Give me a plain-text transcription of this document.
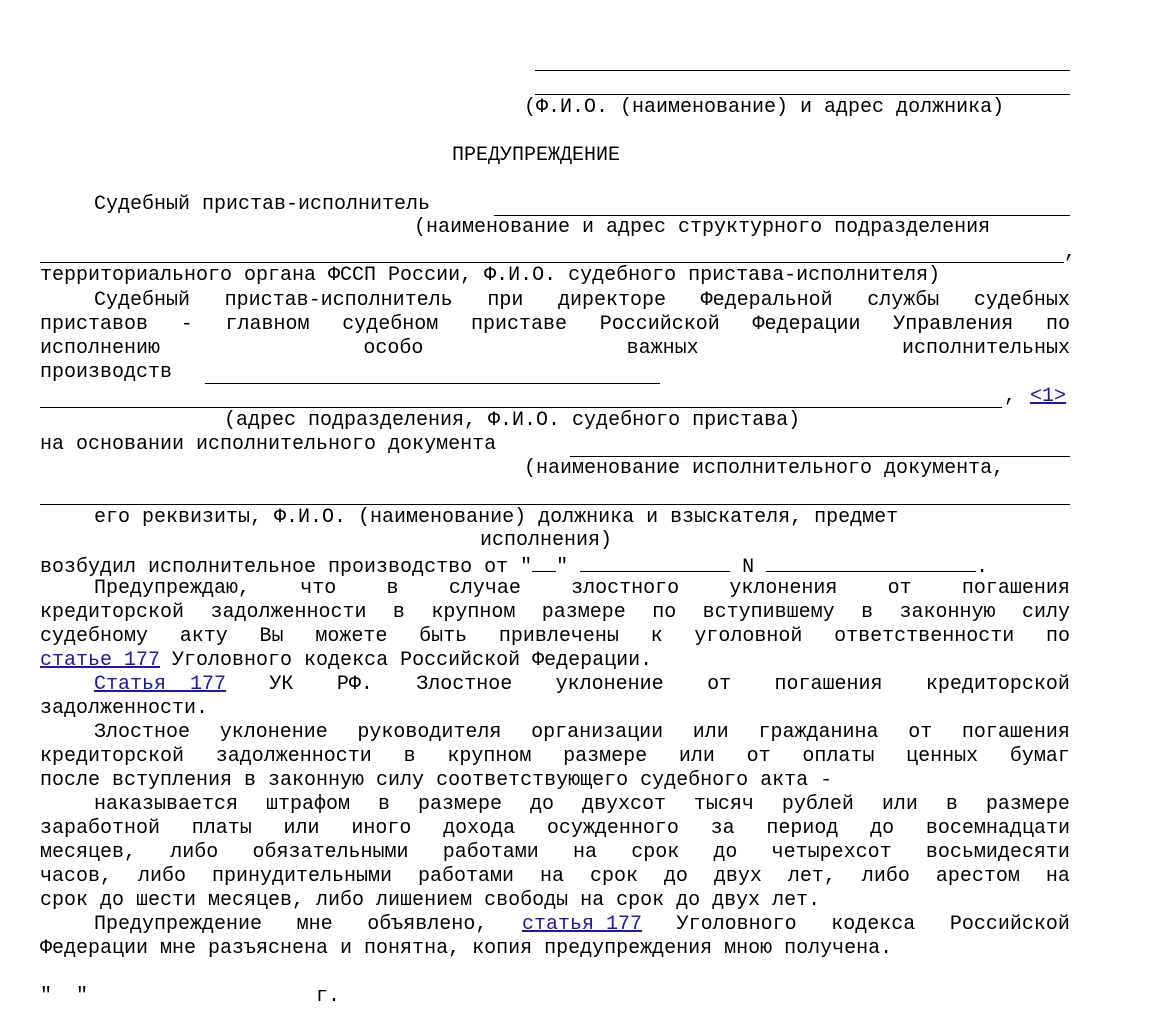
(Ф.И.О. (наименование) и адрес должника)
ПРЕДУПРЕЖДЕНИЕ
Судебный пристав-исполнитель
(наименование и адрес структурного подразделения
,
территориального органа ФССП России, Ф.И.О. судебного пристава-исполнителя)
Судебный пристав-исполнитель при директоре Федеральной службы судебных
приставов - главном судебном приставе Российской Федерации Управления по
исполнению	особо	важных	исполнительных
производств
, <1>
(адрес подразделения, Ф.И.О. судебного пристава)
на основании исполнительного документа
(наименование исполнительного документа,
его реквизиты, Ф.И.О. (наименование) должника и взыскателя, предмет
исполнения)
возбудил исполнительное производство от " "	N	.
Предупреждаю,	что	в	случае	злостного	уклонения	от	погашения
кредиторской задолженности в крупном размере по вступившему в законную силу
судебному акту Вы можете быть привлечены к уголовной ответственности по
статье 177 Уголовного кодекса Российской Федерации.
Статья  177 УК РФ. Злостное уклонение от погашения кредиторской
задолженности.
Злостное уклонение руководителя организации или гражданина от погашения
кредиторской задолженности в крупном размере или от оплаты ценных бумаг
после вступления в законную силу соответствующего судебного акта -
наказывается штрафом в размере до двухсот тысяч рублей или в размере
заработной платы или иного дохода осужденного за период до восемнадцати
месяцев, либо обязательными работами на срок до четырехсот восьмидесяти
часов, либо принудительными работами на срок до двух лет, либо арестом на
срок до шести месяцев, либо лишением свободы на срок до двух лет.
Предупреждение мне объявлено, статья 177 Уголовного кодекса Российской
Федерации мне разъяснена и понятна, копия предупреждения мною получена.
"  "                   г.
